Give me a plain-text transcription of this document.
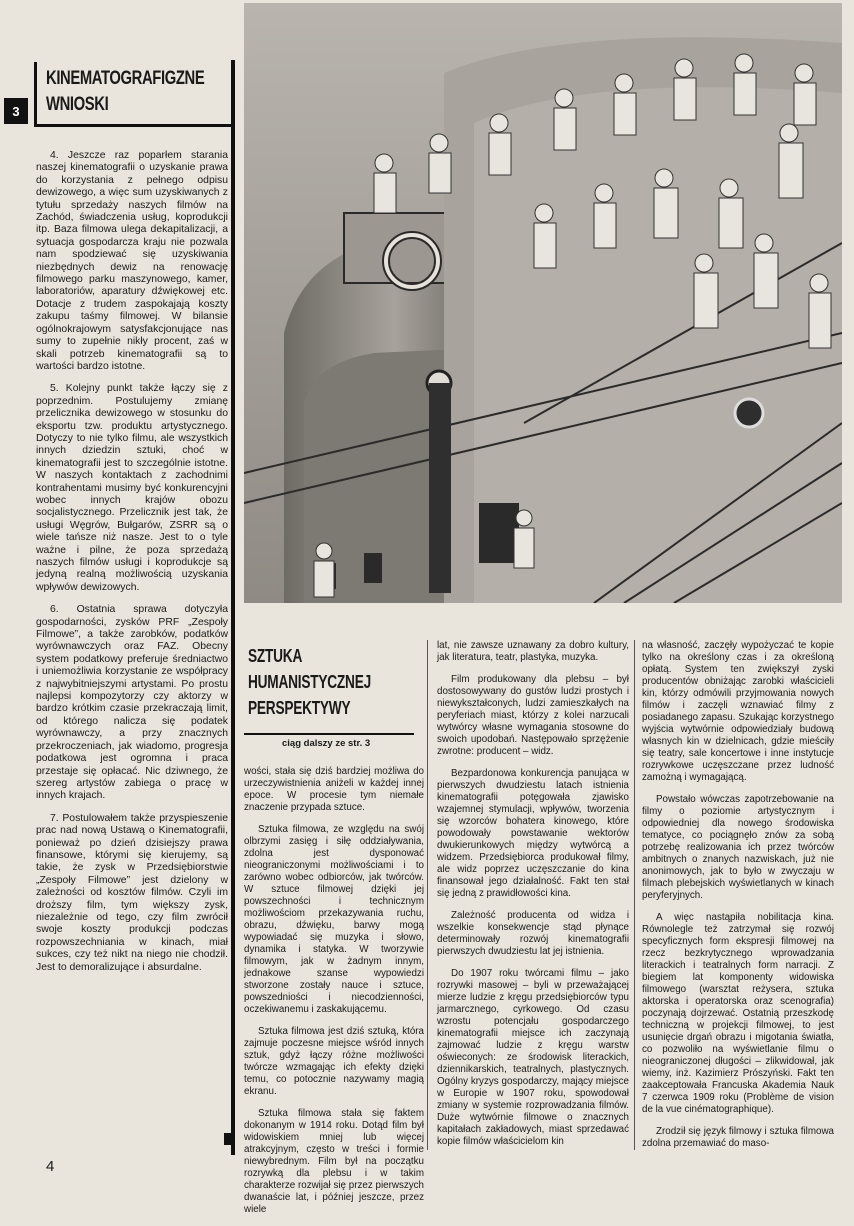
KINEMATOGRAFIGZNE
WNIOSKI
3

4. Jeszcze raz poparłem starania naszej kinematografii o uzyskanie prawa do korzystania z pełnego odpisu dewizowego, a więc sum uzyskiwanych z tytułu sprzedaży naszych filmów na Zachód, świadczenia usług, koprodukcji itp. Baza filmowa ulega dekapitalizacji, a sytuacja gospodarcza kraju nie pozwala nam spodziewać się uzyskiwania niezbędnych dewiz na renowację filmowego parku maszynowego, kamer, laboratoriów, aparatury dźwiękowej etc. Dotacje z trudem zaspokajają koszty zakupu taśmy filmowej. W bilansie ogólnokrajowym satysfakcjonujące nas sumy to zupełnie nikły procent, zaś w skali potrzeb kinematografii są to wartości bardzo istotne.

5. Kolejny punkt także łączy się z poprzednim. Postulujemy zmianę przelicznika dewizowego w stosunku do eksportu tzw. produktu artystycznego. Dotyczy to nie tylko filmu, ale wszystkich innych dziedzin sztuki, choć w kinematografii jest to szczególnie istotne. W naszych kontaktach z zachodnimi kontrahentami musimy być konkurencyjni wobec innych krajów obozu socjalistycznego. Przelicznik jest tak, że usługi Węgrów, Bułgarów, ZSRR są o wiele tańsze niż nasze. Jest to o tyle ważne i pilne, że poza sprzedażą naszych filmów usługi i koprodukcje są jedyną realną możliwością uzyskania wpływów dewizowych.

6. Ostatnia sprawa dotyczyła gospodarności, zysków PRF „Zespoły Filmowe”, a także zarobków, podatków wyrównawczych oraz FAZ. Obecny system podatkowy preferuje średniactwo i uniemożliwia korzystanie ze współpracy z najwybitniejszymi artystami. Po prostu najlepsi kompozytorzy czy aktorzy w bardzo krótkim czasie przekraczają limit, od którego nalicza się podatek wyrównawczy, a przy znacznych przekroczeniach, jak wiadomo, progresja podatkowa jest ogromna i praca przestaje się opłacać. Nic dziwnego, że szereg artystów zabiega o pracę w innych krajach.

7. Postulowałem także przyspieszenie prac nad nową Ustawą o Kinematografii, ponieważ po dzień dzisiejszy prawa finansowe, którymi się kierujemy, są takie, że zysk w Przedsiębiorstwie „Zespoły Filmowe” jest dzielony w zależności od kosztów filmów. Czyli im droższy film, tym większy zysk, niezależnie od tego, czy film zwrócił swoje koszty produkcji podczas rozpowszechniania w kinach, miał sukces, czy też nikt na niego nie chodził. Jest to demoralizujące i absurdalne.

SZTUKA
HUMANISTYCZNEJ
PERSPEKTYWY
ciąg dalszy ze str. 3

wości, stała się dziś bardziej możliwa do urzeczywistnienia aniżeli w każdej innej epoce. W procesie tym niemałe znaczenie przypada sztuce.

Sztuka filmowa, ze względu na swój olbrzymi zasięg i siłę oddziaływania, zdolna jest dysponować nieograniczonymi możliwościami i to zarówno wobec odbiorców, jak twórców. W sztuce filmowej dzięki jej powszechności i technicznym możliwościom przekazywania ruchu, obrazu, dźwięku, barwy mogą wypowiadać się muzyka i słowo, dynamika i statyka. W tworzywie filmowym, jak w żadnym innym, jednakowe szanse wypowiedzi stworzone zostały nauce i sztuce, powszedniości i niecodzienności, oczekiwanemu i zaskakującemu.

Sztuka filmowa jest dziś sztuką, która zajmuje poczesne miejsce wśród innych sztuk, gdyż łączy różne możliwości twórcze wzmagając ich efekty dzięki temu, co potocznie nazywamy magią ekranu.

Sztuka filmowa stała się faktem dokonanym w 1914 roku. Dotąd film był widowiskiem mniej lub więcej atrakcyjnym, często w treści i formie niewybrednym. Film był na początku rozrywką dla plebsu i w takim charakterze rozwijał się przez pierwszych dwanaście lat, i później jeszcze, przez wiele

lat, nie zawsze uznawany za dobro kultury, jak literatura, teatr, plastyka, muzyka.

Film produkowany dla plebsu – był dostosowywany do gustów ludzi prostych i niewykształconych, ludzi zamieszkałych na peryferiach miast, którzy z kolei narzucali wytwórcy własne wymagania stosowne do swoich upodobań. Następowało sprzężenie zwrotne: producent – widz.

Bezpardonowa konkurencja panująca w pierwszych dwudziestu latach istnienia kinematografii potęgowała zjawisko wzajemnej stymulacji, wpływów, tworzenia się wzorców bohatera kinowego, które powodowały powstawanie wektorów dwukierunkowych między wytwórcą a widzem. Przedsiębiorca produkował filmy, ale widz poprzez uczęszczanie do kina finansował jego działalność. Fakt ten stał się jedną z prawidłowości kina.

Zależność producenta od widza i wszelkie konsekwencje stąd płynące determinowały rozwój kinematografii pierwszych dwudziestu lat jej istnienia.

Do 1907 roku twórcami filmu – jako rozrywki masowej – byli w przeważającej mierze ludzie z kręgu przedsiębiorców typu jarmarcznego, cyrkowego. Od czasu wzrostu potencjału gospodarczego kinematografii miejsce ich zaczynają zajmować ludzie z kręgu warstw oświeconych: ze środowisk literackich, dziennikarskich, teatralnych, plastycznych. Ogólny kryzys gospodarczy, mający miejsce w Europie w 1907 roku, spowodował zmiany w systemie rozprowadzania filmów. Duże wytwórnie filmowe o znacznych kapitałach zakładowych, miast sprzedawać kopie filmów właścicielom kin

na własność, zaczęły wypożyczać te kopie tylko na określony czas i za określoną opłatą. System ten zwiększył zyski producentów obniżając zarobki właścicieli kin, którzy odmówili przyjmowania nowych filmów i zaczęli wznawiać filmy z posiadanego zapasu. Szukając korzystnego wyjścia wytwórnie odpowiedziały budową własnych kin w dzielnicach, gdzie mieściły się teatry, sale koncertowe i inne instytucje rozrywkowe uczęszczane przez ludność zamożną i wymagającą.

Powstało wówczas zapotrzebowanie na filmy o poziomie artystycznym i odpowiedniej dla nowego środowiska tematyce, co pociągnęło znów za sobą potrzebę realizowania ich przez twórców ambitnych o znanych nazwiskach, już nie anonimowych, jak to było w zwyczaju w filmach plebejskich wyświetlanych w kinach peryferyjnych.

A więc nastąpiła nobilitacja kina. Równolegle też zatrzymał się rozwój specyficznych form ekspresji filmowej na rzecz bezkrytycznego wprowadzania literackich i teatralnych form narracji. Z biegiem lat komponenty widowiska filmowego (warsztat reżysera, sztuka aktorska i operatorska oraz scenografia) poczynają dojrzewać. Ostatnią przeszkodę techniczną w projekcji filmowej, to jest usunięcie drgań obrazu i migotania światła, co pozwoliło na wyświetlanie filmu o nieograniczonej długości – zlikwidował, jak wiemy, inż. Kazimierz Prószyński. Fakt ten zaakceptowała Francuska Akademia Nauk 7 czerwca 1909 roku (Problème de vision de la vue cinématographique).

Zrodził się język filmowy i sztuka filmowa zdolna przemawiać do maso-

4
